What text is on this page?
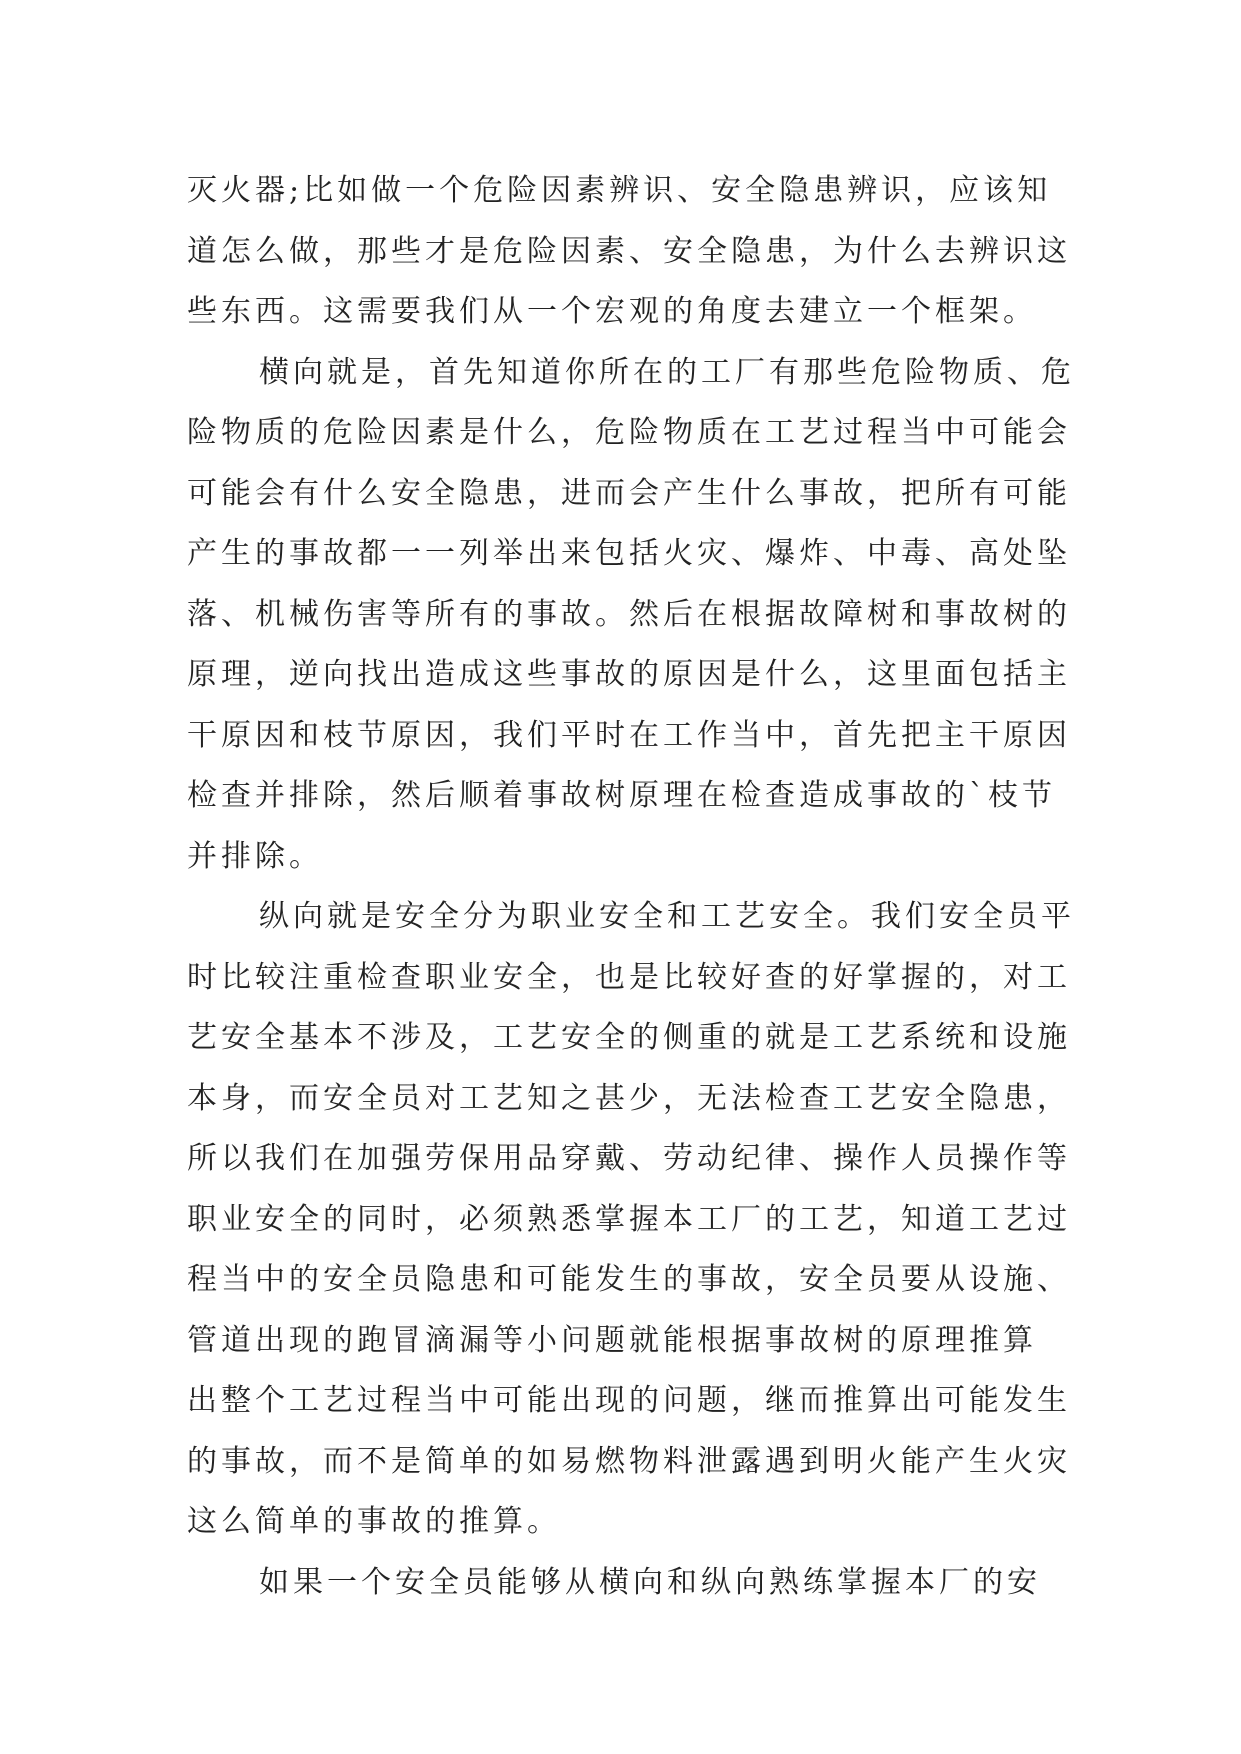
灭火器;比如做一个危险因素辨识、安全隐患辨识，应该知
道怎么做，那些才是危险因素、安全隐患，为什么去辨识这
些东西。这需要我们从一个宏观的角度去建立一个框架。
横向就是，首先知道你所在的工厂有那些危险物质、危
险物质的危险因素是什么，危险物质在工艺过程当中可能会
可能会有什么安全隐患，进而会产生什么事故，把所有可能
产生的事故都一一列举出来包括火灾、爆炸、中毒、高处坠
落、机械伤害等所有的事故。然后在根据故障树和事故树的
原理，逆向找出造成这些事故的原因是什么，这里面包括主
干原因和枝节原因，我们平时在工作当中，首先把主干原因
检查并排除，然后顺着事故树原理在检查造成事故的`枝节
并排除。
纵向就是安全分为职业安全和工艺安全。我们安全员平
时比较注重检查职业安全，也是比较好查的好掌握的，对工
艺安全基本不涉及，工艺安全的侧重的就是工艺系统和设施
本身，而安全员对工艺知之甚少，无法检查工艺安全隐患，
所以我们在加强劳保用品穿戴、劳动纪律、操作人员操作等
职业安全的同时，必须熟悉掌握本工厂的工艺，知道工艺过
程当中的安全员隐患和可能发生的事故，安全员要从设施、
管道出现的跑冒滴漏等小问题就能根据事故树的原理推算
出整个工艺过程当中可能出现的问题，继而推算出可能发生
的事故，而不是简单的如易燃物料泄露遇到明火能产生火灾
这么简单的事故的推算。
如果一个安全员能够从横向和纵向熟练掌握本厂的安
